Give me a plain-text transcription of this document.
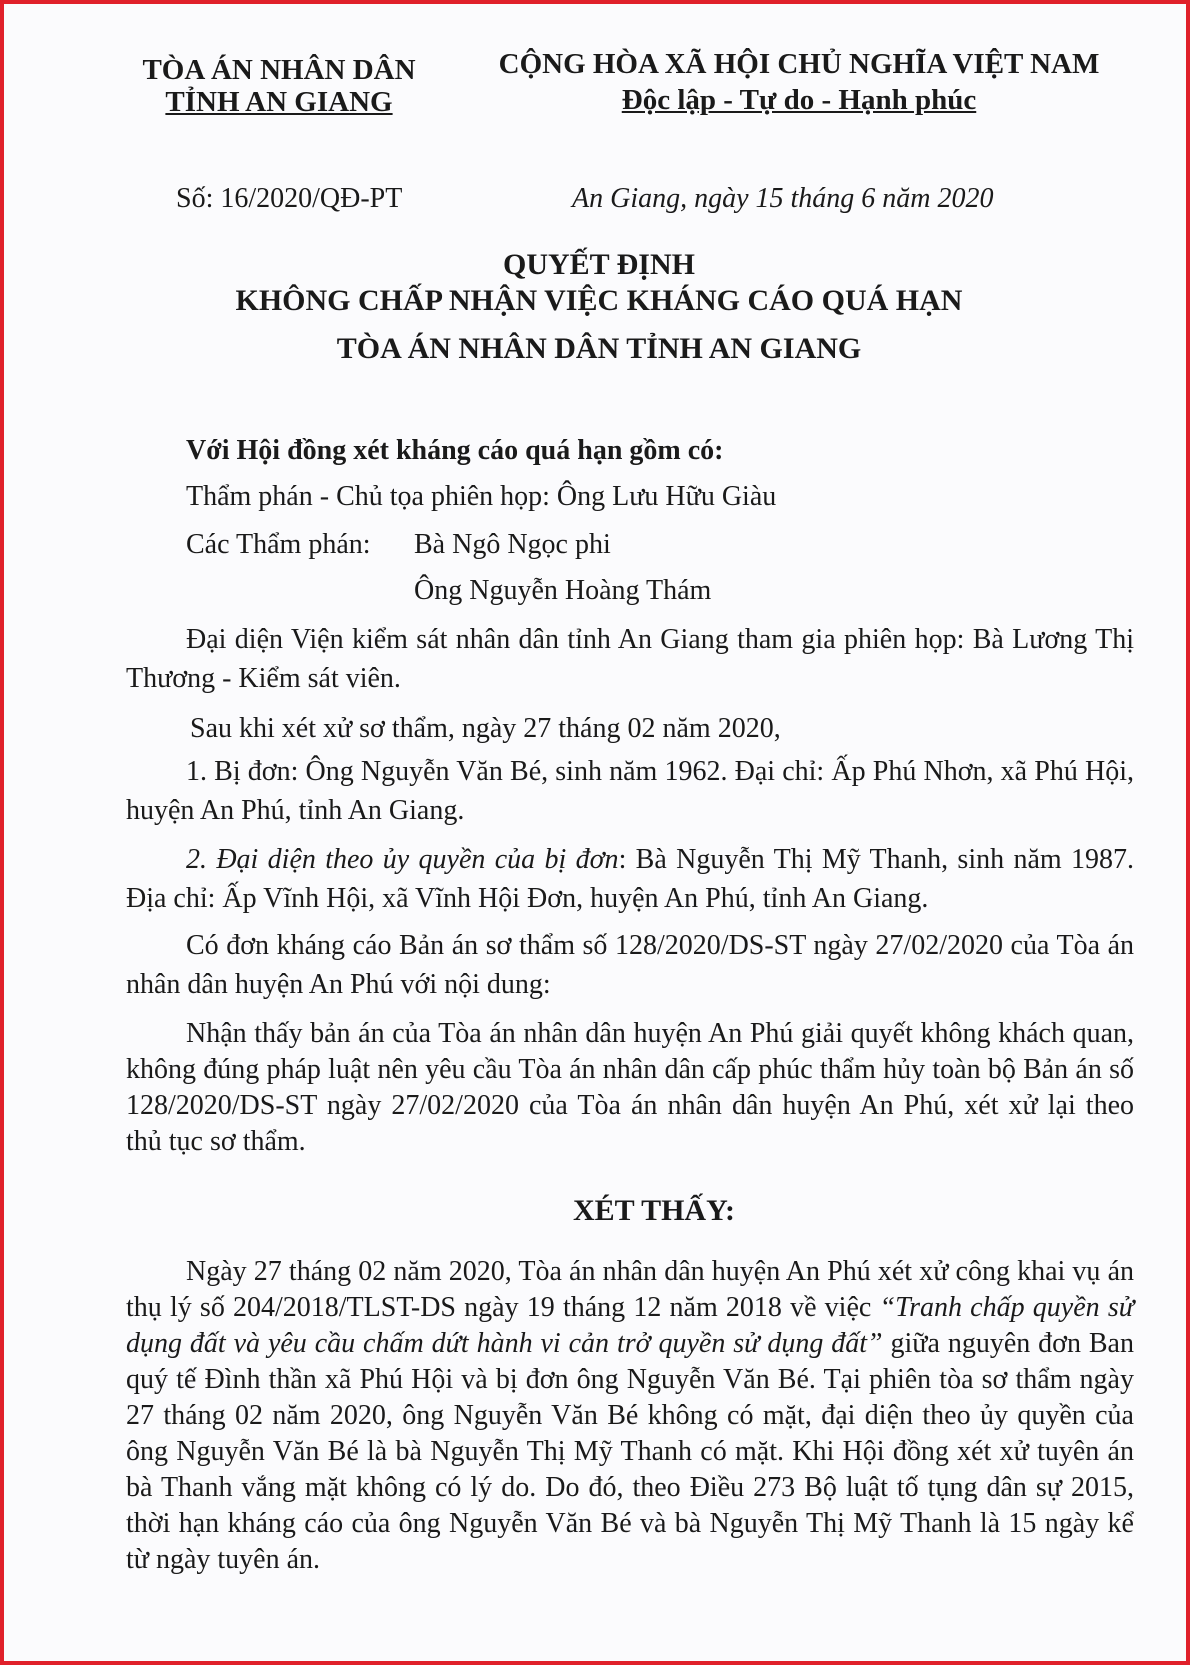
TÒA ÁN NHÂN DÂN

TỈNH AN GIANG

CỘNG HÒA XÃ HỘI CHỦ NGHĨA VIỆT NAM

Độc lập - Tự do - Hạnh phúc

Số: 16/2020/QĐ-PT	An Giang, ngày 15 tháng 6 năm 2020

QUYẾT ĐỊNH

KHÔNG CHẤP NHẬN VIỆC KHÁNG CÁO QUÁ HẠN

TÒA ÁN NHÂN DÂN TỈNH AN GIANG

Với Hội đồng xét kháng cáo quá hạn gồm có:

Thẩm phán - Chủ tọa phiên họp: Ông Lưu Hữu Giàu

Các Thẩm phán: Bà Ngô Ngọc phi

Ông Nguyễn Hoàng Thám

Đại diện Viện kiểm sát nhân dân tỉnh An Giang tham gia phiên họp: Bà Lương Thị Thương - Kiểm sát viên.

Sau khi xét xử sơ thẩm, ngày 27 tháng 02 năm 2020,

1. Bị đơn: Ông Nguyễn Văn Bé, sinh năm 1962. Đại chỉ: Ấp Phú Nhơn, xã Phú Hội, huyện An Phú, tỉnh An Giang.

2. Đại diện theo ủy quyền của bị đơn: Bà Nguyễn Thị Mỹ Thanh, sinh năm 1987. Địa chỉ: Ấp Vĩnh Hội, xã Vĩnh Hội Đơn, huyện An Phú, tỉnh An Giang.

Có đơn kháng cáo Bản án sơ thẩm số 128/2020/DS-ST ngày 27/02/2020 của Tòa án nhân dân huyện An Phú với nội dung:

Nhận thấy bản án của Tòa án nhân dân huyện An Phú giải quyết không khách quan, không đúng pháp luật nên yêu cầu Tòa án nhân dân cấp phúc thẩm hủy toàn bộ Bản án số 128/2020/DS-ST ngày 27/02/2020 của Tòa án nhân dân huyện An Phú, xét xử lại theo thủ tục sơ thẩm.

XÉT THẤY:

Ngày 27 tháng 02 năm 2020, Tòa án nhân dân huyện An Phú xét xử công khai vụ án thụ lý số 204/2018/TLST-DS ngày 19 tháng 12 năm 2018 về việc “Tranh chấp quyền sử dụng đất và yêu cầu chấm dứt hành vi cản trở quyền sử dụng đất” giữa nguyên đơn Ban quý tế Đình thần xã Phú Hội và bị đơn ông Nguyễn Văn Bé. Tại phiên tòa sơ thẩm ngày 27 tháng 02 năm 2020, ông Nguyễn Văn Bé không có mặt, đại diện theo ủy quyền của ông Nguyễn Văn Bé là bà Nguyễn Thị Mỹ Thanh có mặt. Khi Hội đồng xét xử tuyên án bà Thanh vắng mặt không có lý do. Do đó, theo Điều 273 Bộ luật tố tụng dân sự 2015, thời hạn kháng cáo của ông Nguyễn Văn Bé và bà Nguyễn Thị Mỹ Thanh là 15 ngày kể từ ngày tuyên án.
